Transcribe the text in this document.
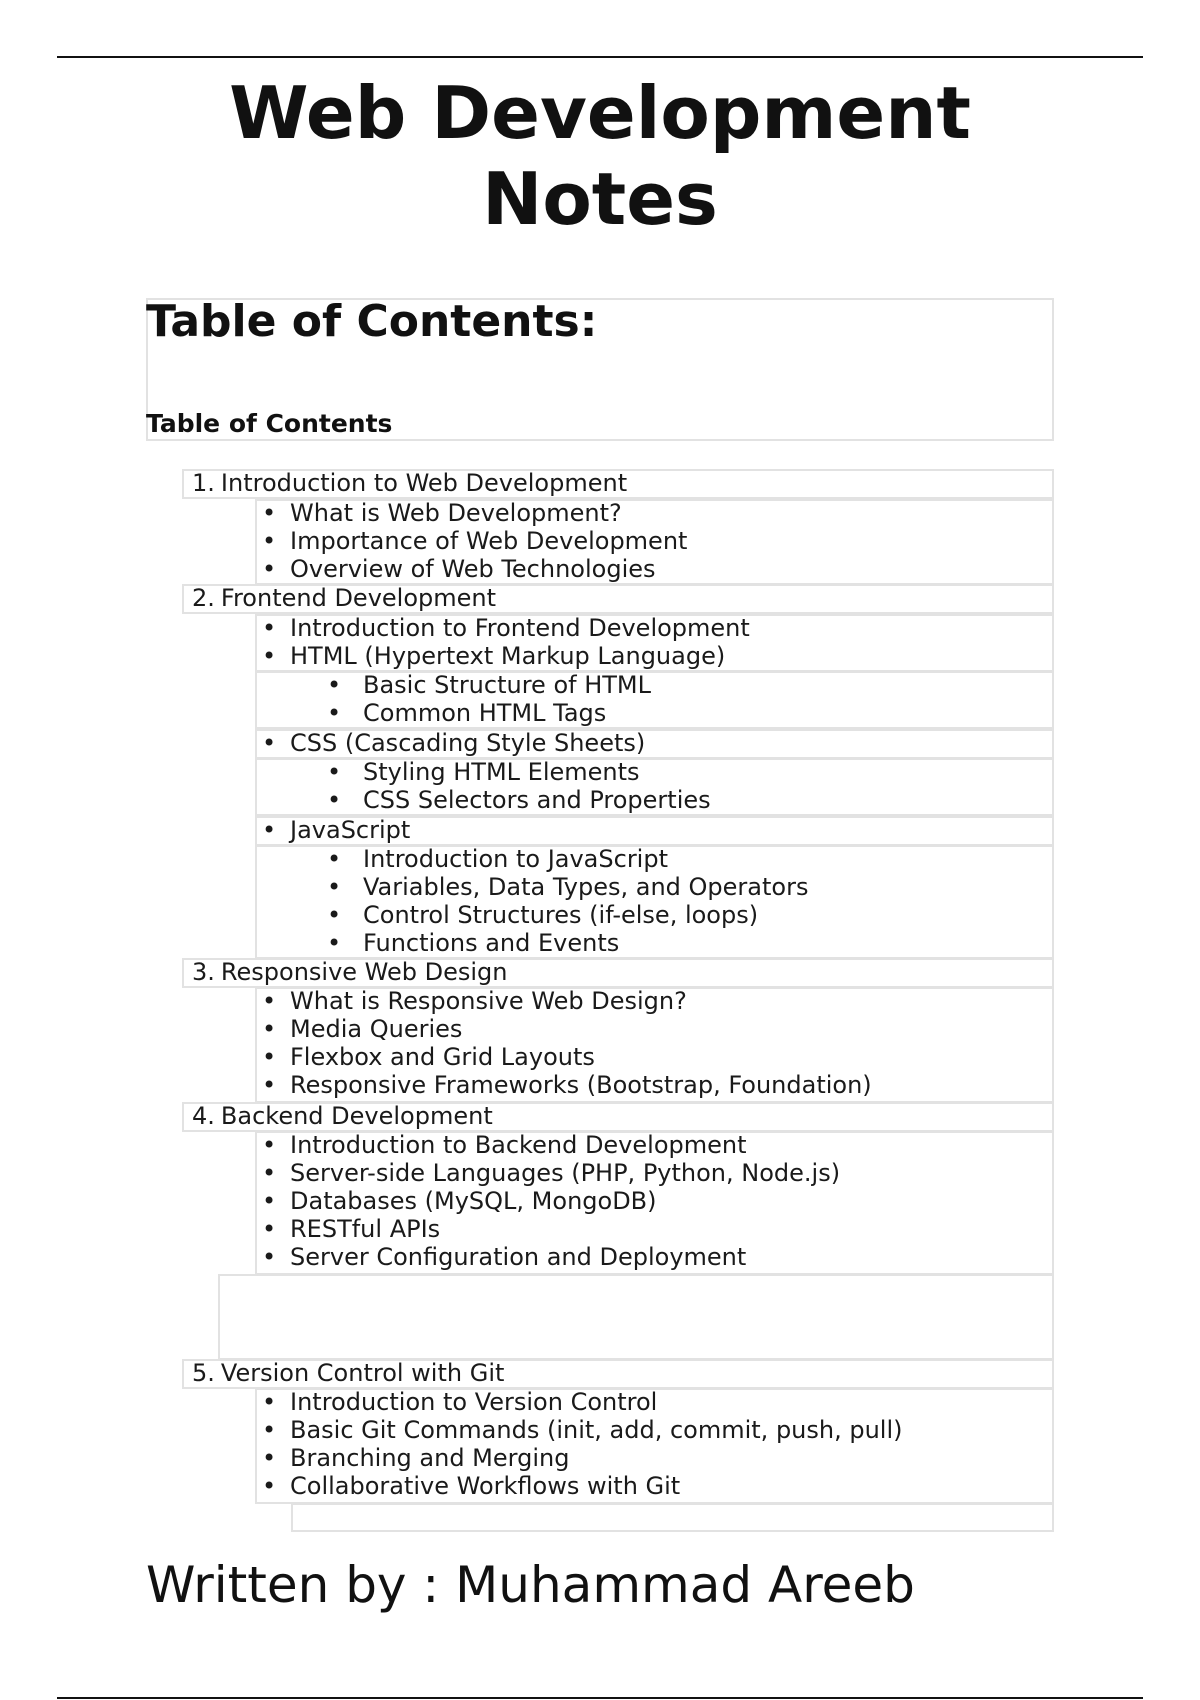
Web Development Notes
Table of Contents:
Table of Contents
1. Introduction to Web Development
• What is Web Development?
• Importance of Web Development
• Overview of Web Technologies
2. Frontend Development
• Introduction to Frontend Development
• HTML (Hypertext Markup Language)
• Basic Structure of HTML
• Common HTML Tags
• CSS (Cascading Style Sheets)
• Styling HTML Elements
• CSS Selectors and Properties
• JavaScript
• Introduction to JavaScript
• Variables, Data Types, and Operators
• Control Structures (if-else, loops)
• Functions and Events
3. Responsive Web Design
• What is Responsive Web Design?
• Media Queries
• Flexbox and Grid Layouts
• Responsive Frameworks (Bootstrap, Foundation)
4. Backend Development
• Introduction to Backend Development
• Server-side Languages (PHP, Python, Node.js)
• Databases (MySQL, MongoDB)
• RESTful APIs
• Server Configuration and Deployment
5. Version Control with Git
• Introduction to Version Control
• Basic Git Commands (init, add, commit, push, pull)
• Branching and Merging
• Collaborative Workflows with Git

Written by : Muhammad Areeb
